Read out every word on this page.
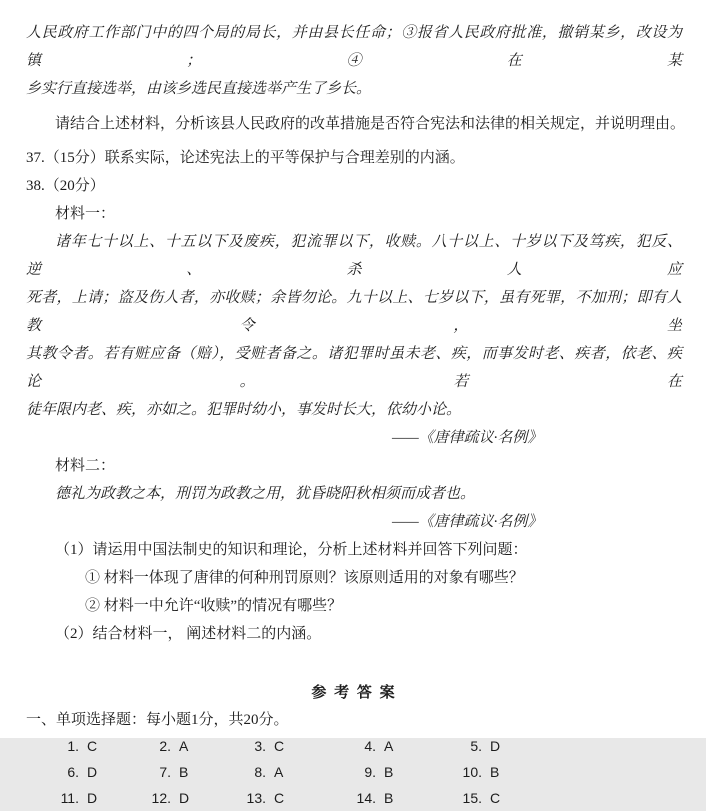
人民政府工作部门中的四个局的局长，并由县长任命；③报省人民政府批准，撤销某乡，改设为镇；④在某
乡实行直接选举，由该乡选民直接选举产生了乡长。
请结合上述材料，分析该县人民政府的改革措施是否符合宪法和法律的相关规定，并说明理由。
37.（15分）联系实际，论述宪法上的平等保护与合理差别的内涵。
38.（20分）
材料一：
诸年七十以上、十五以下及废疾，犯流罪以下，收赎。八十以上、十岁以下及笃疾，犯反、逆、杀人应
死者，上请；盗及伤人者，亦收赎；余皆勿论。九十以上、七岁以下，虽有死罪，不加刑；即有人教令，坐
其教令者。若有赃应备（赔），受赃者备之。诸犯罪时虽未老、疾，而事发时老、疾者，依老、疾论。若在
徒年限内老、疾，亦如之。犯罪时幼小，事发时长大，依幼小论。
——《唐律疏议·名例》
材料二：
德礼为政教之本，刑罚为政教之用，犹昏晓阳秋相须而成者也。
——《唐律疏议·名例》
（1）请运用中国法制史的知识和理论，分析上述材料并回答下列问题：
① 材料一体现了唐律的何种刑罚原则？该原则适用的对象有哪些？
② 材料一中允许“收赎”的情况有哪些？
（2）结合材料一， 阐述材料二的内涵。
参 考 答 案
一、单项选择题：每小题1分，共20分。
1. C	2. A	3. C	4. A	5. D
6. D	7. B	8. A	9. B	10. B
11. D	12. D	13. C	14. B	15. C
